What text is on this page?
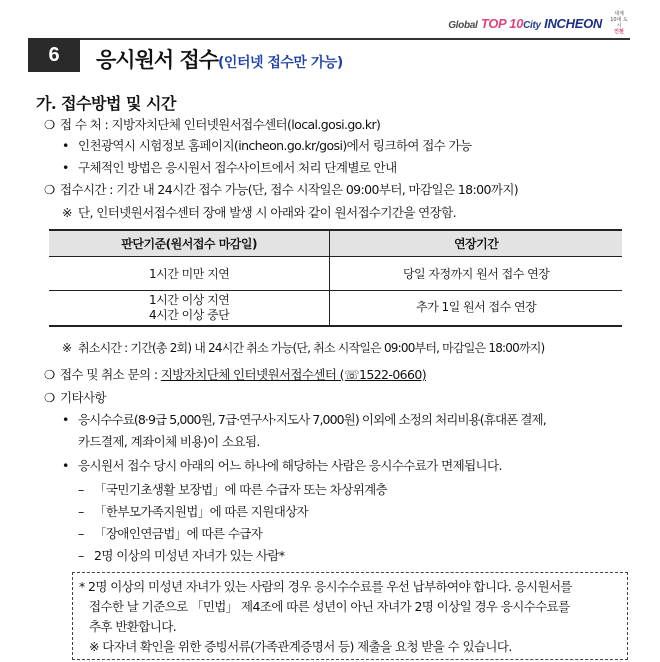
Global TOP 10City INCHEON
세계
10대 도시
인천
6	응시원서 접수(인터넷 접수만 가능)
가. 접수방법 및 시간
❍ 접 수 처 : 지방자치단체 인터넷원서접수센터(local.gosi.go.kr)
• 인천광역시 시험정보 홈페이지(incheon.go.kr/gosi)에서 링크하여 접수 가능
• 구체적인 방법은 응시원서 접수사이트에서 처리 단계별로 안내
❍ 접수시간 : 기간 내 24시간 접수 가능(단, 접수 시작일은 09:00부터, 마감일은 18:00까지)
※ 단, 인터넷원서접수센터 장애 발생 시 아래와 같이 원서접수기간을 연장함.
판단기준(원서접수 마감일)	연장기간
1시간 미만 지연	당일 자정까지 원서 접수 연장

1시간 이상 지연
4시간 이상 중단	추가 1일 원서 접수 연장
※ 취소시간 : 기간(총 2회) 내 24시간 취소 가능(단, 취소 시작일은 09:00부터, 마감일은 18:00까지)
❍ 접수 및 취소 문의 : 지방자치단체 인터넷원서접수센터 (☏1522-0660)
❍ 기타사항
• 응시수수료(8·9급 5,000원, 7급·연구사·지도사 7,000원) 이외에 소정의 처리비용(휴대폰 결제,
카드결제, 계좌이체 비용)이 소요됨.
• 응시원서 접수 당시 아래의 어느 하나에 해당하는 사람은 응시수수료가 면제됩니다.
– 「국민기초생활 보장법」에 따른 수급자 또는 차상위계층
– 「한부모가족지원법」에 따른 지원대상자
– 「장애인연금법」에 따른 수급자
– 2명 이상의 미성년 자녀가 있는 사람*
* 2명 이상의 미성년 자녀가 있는 사람의 경우 응시수수료를 우선 납부하여야 합니다. 응시원서를
접수한 날 기준으로 「민법」 제4조에 따른 성년이 아닌 자녀가 2명 이상일 경우 응시수수료를
추후 반환합니다.
※ 다자녀 확인을 위한 증빙서류(가족관계증명서 등) 제출을 요청 받을 수 있습니다.
